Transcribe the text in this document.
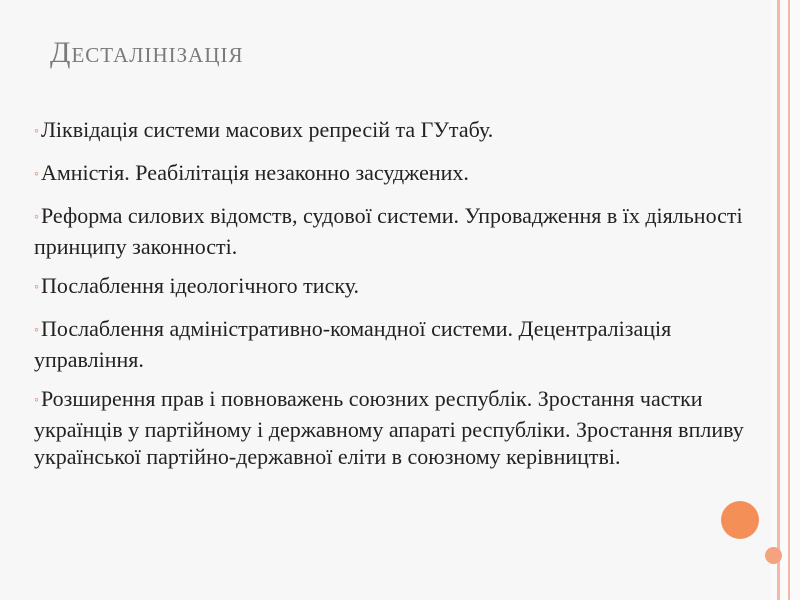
Десталінізація
◦Ліквідація системи масових репресій та ГУтабу.
◦Амністія. Реабілітація незаконно засуджених.
◦Реформа силових відомств, судової системи. Упровадження в їх діяльності принципу законності.
◦Послаблення ідеологічного тиску.
◦Послаблення адміністративно-командної системи. Децентралізація управління.
◦Розширення прав і повноважень союзних республік. Зростання частки українців у партійному і державному апараті республіки. Зростання впливу української партійно-державної еліти в союзному керівництві.
